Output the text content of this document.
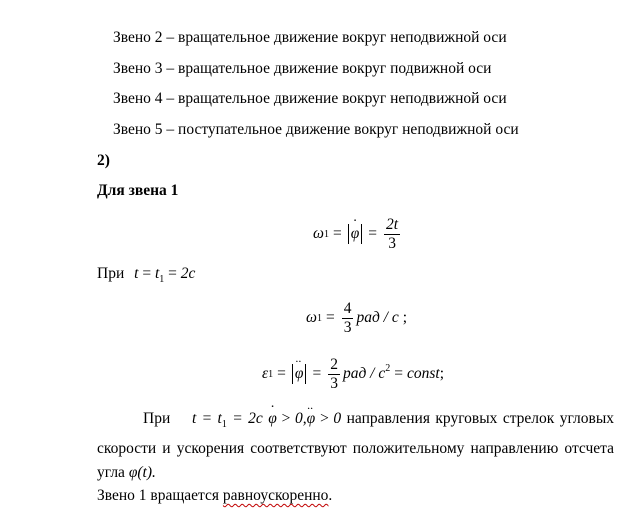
Звено 2 – вращательное движение вокруг неподвижной оси
Звено 3 – вращательное движение вокруг подвижной оси
Звено 4 – вращательное движение вокруг неподвижной оси
Звено 5 – поступательное движение вокруг неподвижной оси
2)
Для звена 1
ω 1 = · $\varphi = \frac{2t}{3}$
При $t = t_1 = 2c$
ω $1 = \frac{4}{3}$ рад / с ;
ε 1 = ·· $\varphi = \frac{2}{3}$ рад / $с^2$ = const ;
При $t = t_1 = 2c \cdot \varphi > 0,\cdot\cdot \varphi > 0$ направления круговых стрелок угловых скорости и ускорения соответствуют положительному направлению отсчета угла φ(t).
Звено 1 вращается равноускоренно.
